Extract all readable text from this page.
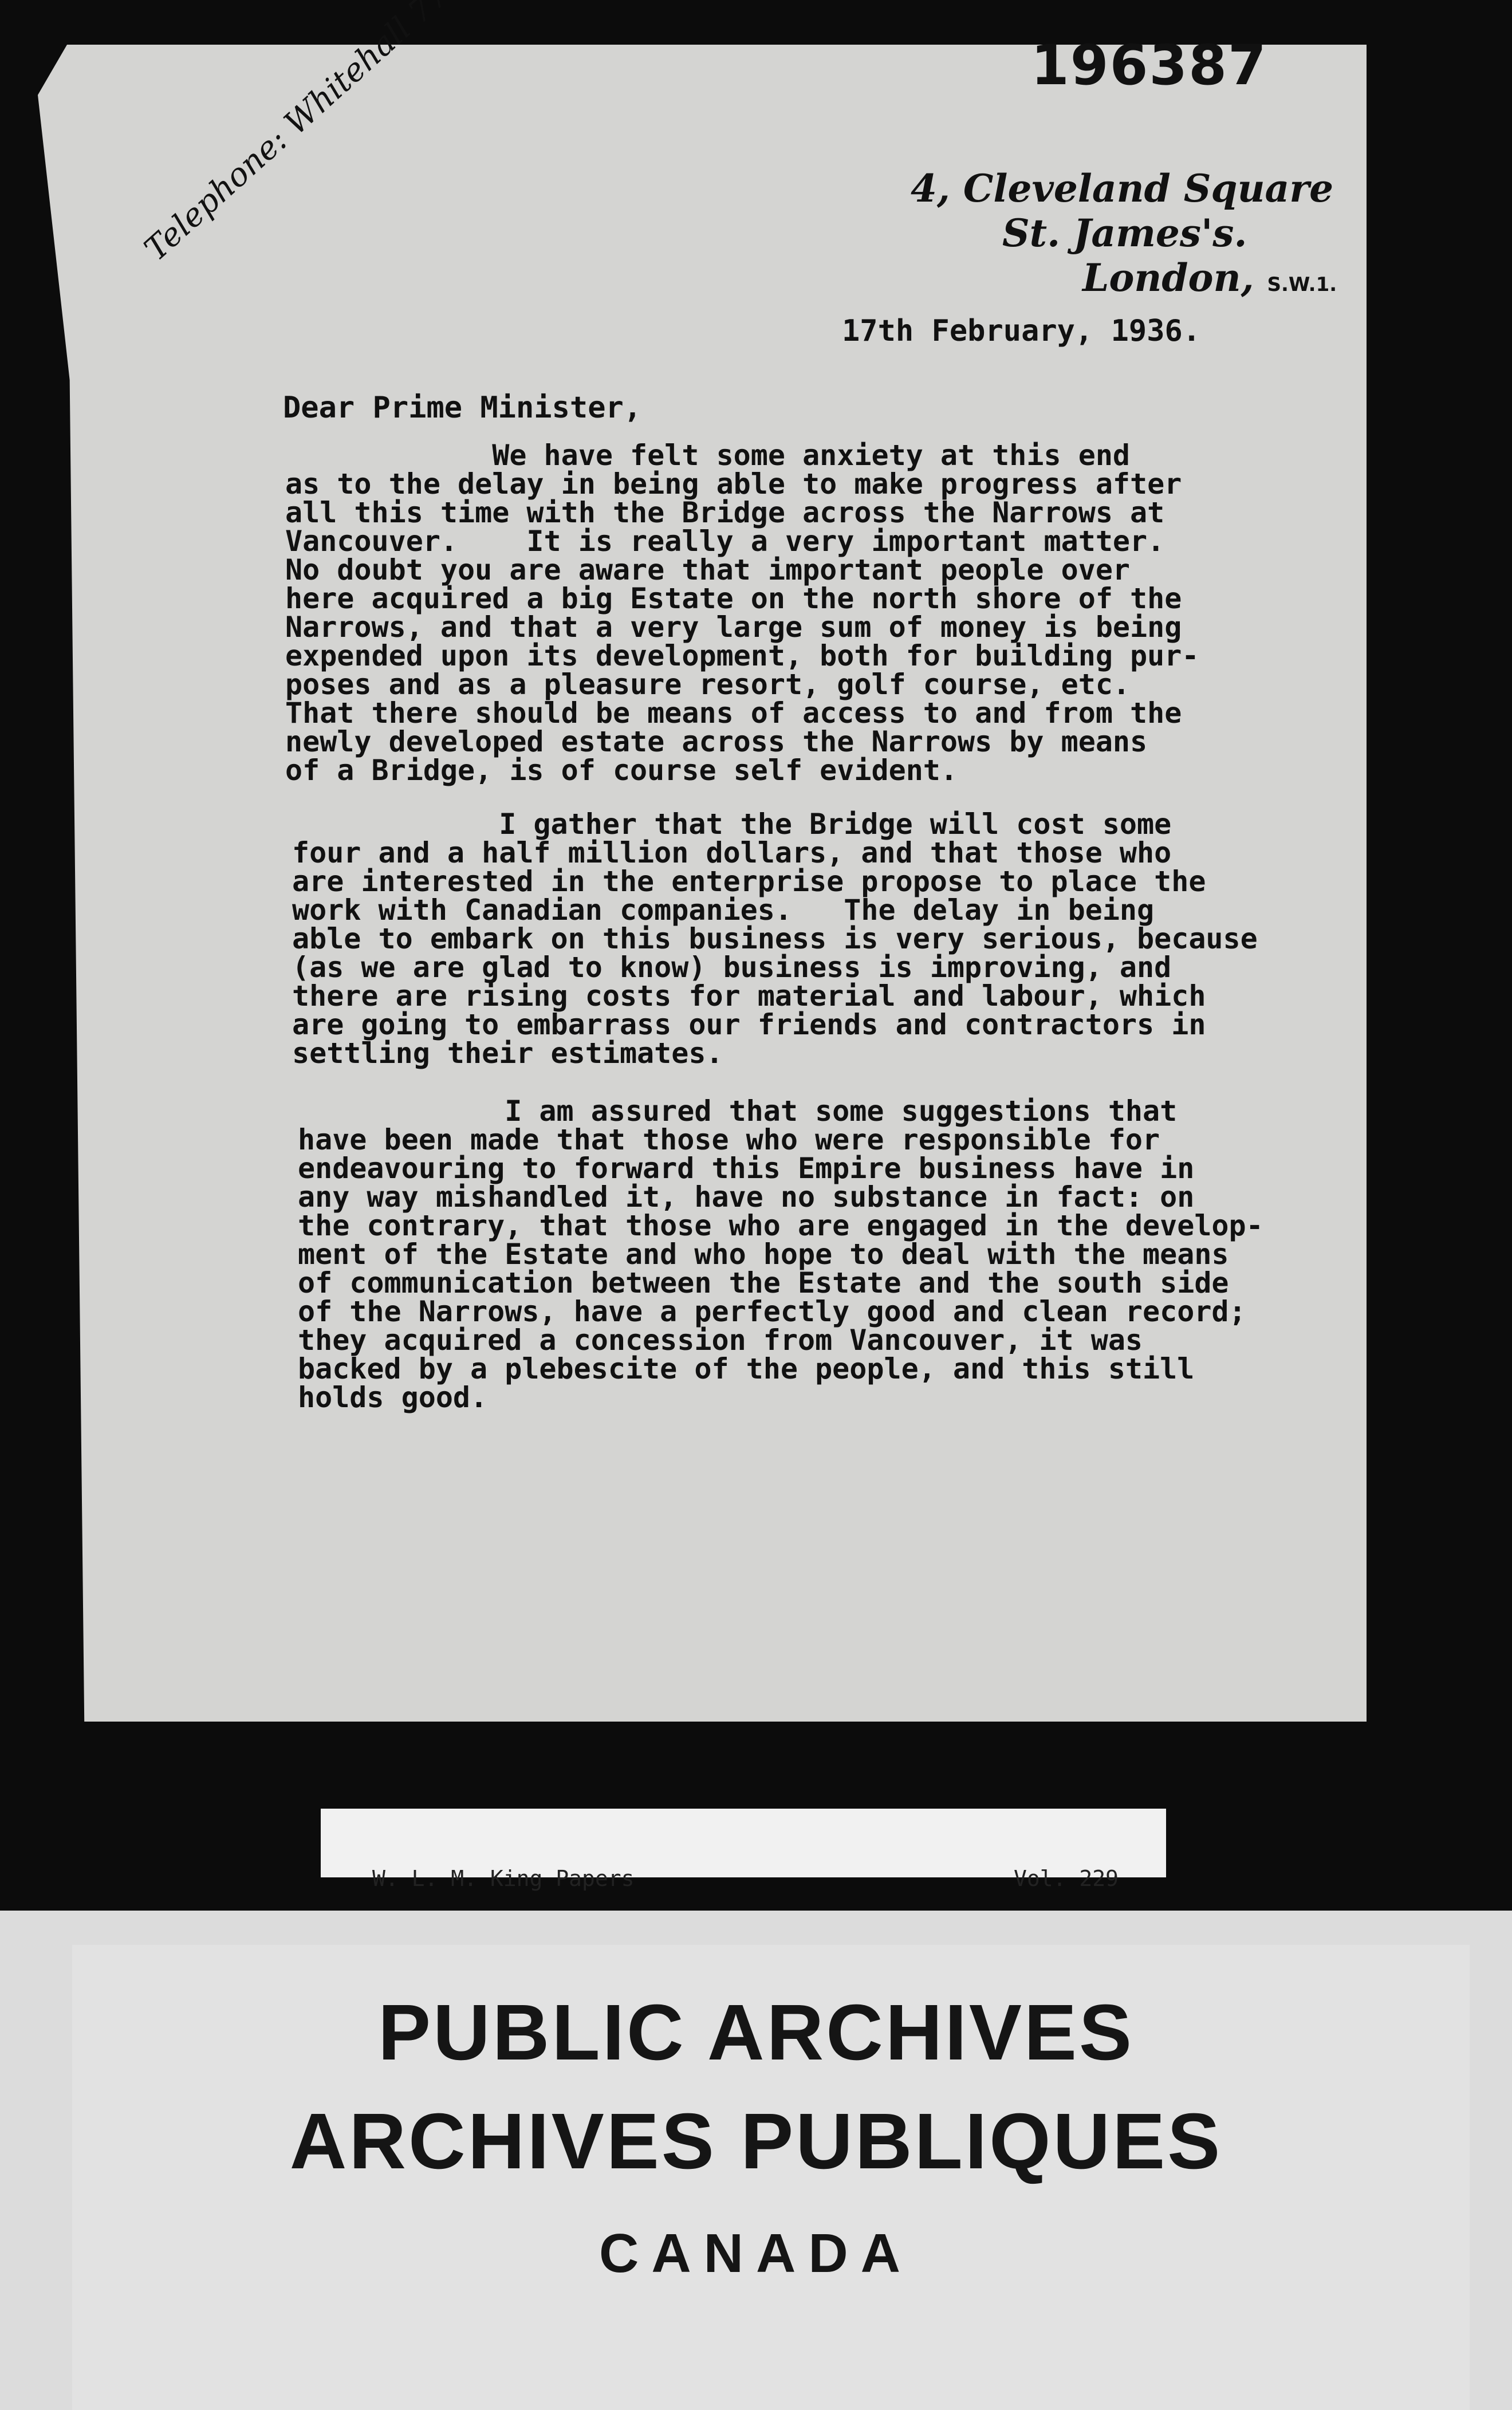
196387
4, Cleveland Square
St. James's.
London, S.W.1.
17th February, 1936.
Dear Prime Minister,
We have felt some anxiety at this end
as to the delay in being able to make progress after
all this time with the Bridge across the Narrows at
Vancouver.    It is really a very important matter.
No doubt you are aware that important people over
here acquired a big Estate on the north shore of the
Narrows, and that a very large sum of money is being
expended upon its development, both for building pur-
poses and as a pleasure resort, golf course, etc.
That there should be means of access to and from the
newly developed estate across the Narrows by means
of a Bridge, is of course self evident.
I gather that the Bridge will cost some
four and a half million dollars, and that those who
are interested in the enterprise propose to place the
work with Canadian companies.   The delay in being
able to embark on this business is very serious, because
(as we are glad to know) business is improving, and
there are rising costs for material and labour, which
are going to embarrass our friends and contractors in
settling their estimates.
I am assured that some suggestions that
have been made that those who were responsible for
endeavouring to forward this Empire business have in
any way mishandled it, have no substance in fact: on
the contrary, that those who are engaged in the develop-
ment of the Estate and who hope to deal with the means
of communication between the Estate and the south side
of the Narrows, have a perfectly good and clean record;
they acquired a concession from Vancouver, it was
backed by a plebescite of the people, and this still
holds good.
W. L. M. King Papers	Vol. 229
PUBLIC ARCHIVES
ARCHIVES PUBLIQUES
CANADA
